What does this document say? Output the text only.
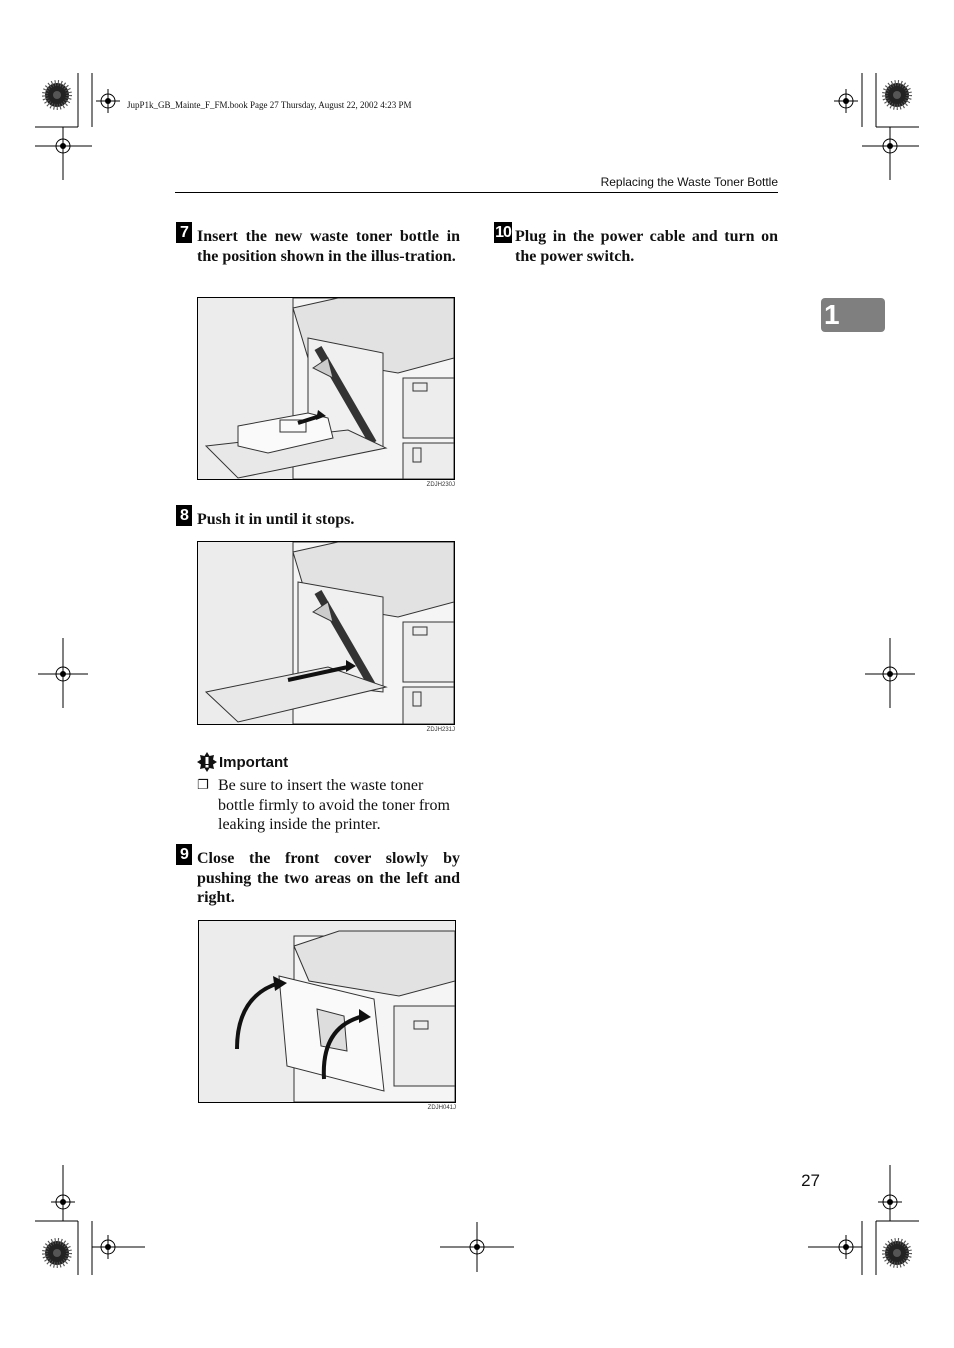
JupP1k_GB_Mainte_F_FM.book Page 27 Thursday, August 22, 2002 4:23 PM
Replacing the Waste Toner Bottle
1
7 Insert the new waste toner bottle in the position shown in the illus-tration.
ZDJH230J
8 Push it in until it stops.
ZDJH231J
Important
❐ Be sure to insert the waste toner bottle firmly to avoid the toner from leaking inside the printer.
9 Close the front cover slowly by pushing the two areas on the left and right.
ZDJH041J
10 Plug in the power cable and turn on the power switch.
27
